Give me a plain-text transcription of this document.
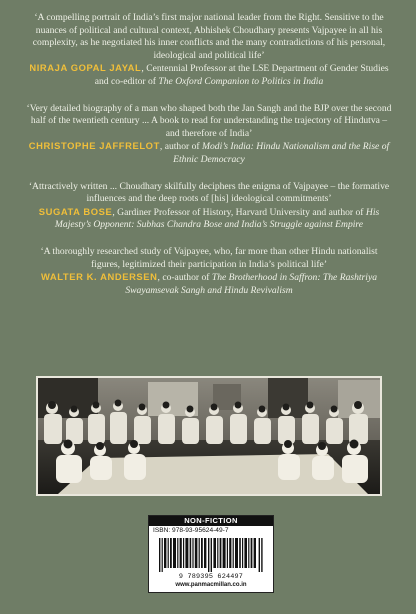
‘A compelling portrait of India’s first major national leader from the Right. Sensitive to the nuances of political and cultural context, Abhishek Choudhary presents Vajpayee in all his complexity, as he negotiated his inner conflicts and the many contradictions of his personal, ideological and political life’
NIRAJA GOPAL JAYAL, Centennial Professor at the LSE Department of Gender Studies and co-editor of The Oxford Companion to Politics in India
‘Very detailed biography of a man who shaped both the Jan Sangh and the BJP over the second half of the twentieth century ... A book to read for understanding the trajectory of Hindutva – and therefore of India’
CHRISTOPHE JAFFRELOT, author of Modi’s India: Hindu Nationalism and the Rise of Ethnic Democracy
‘Attractively written ... Choudhary skilfully deciphers the enigma of Vajpayee – the formative influences and the deep roots of [his] ideological commitments’
SUGATA BOSE, Gardiner Professor of History, Harvard University and author of His Majesty’s Opponent: Subhas Chandra Bose and India’s Struggle against Empire
‘A thoroughly researched study of Vajpayee, who, far more than other Hindu nationalist figures, legitimized their participation in India’s political life’
WALTER K. ANDERSEN, co-author of The Brotherhood in Saffron: The Rashtriya Swayamsevak Sangh and Hindu Revivalism
NON-FICTION
ISBN: 978-93-95624-49-7
9 789395 624497
www.panmacmillan.co.in
